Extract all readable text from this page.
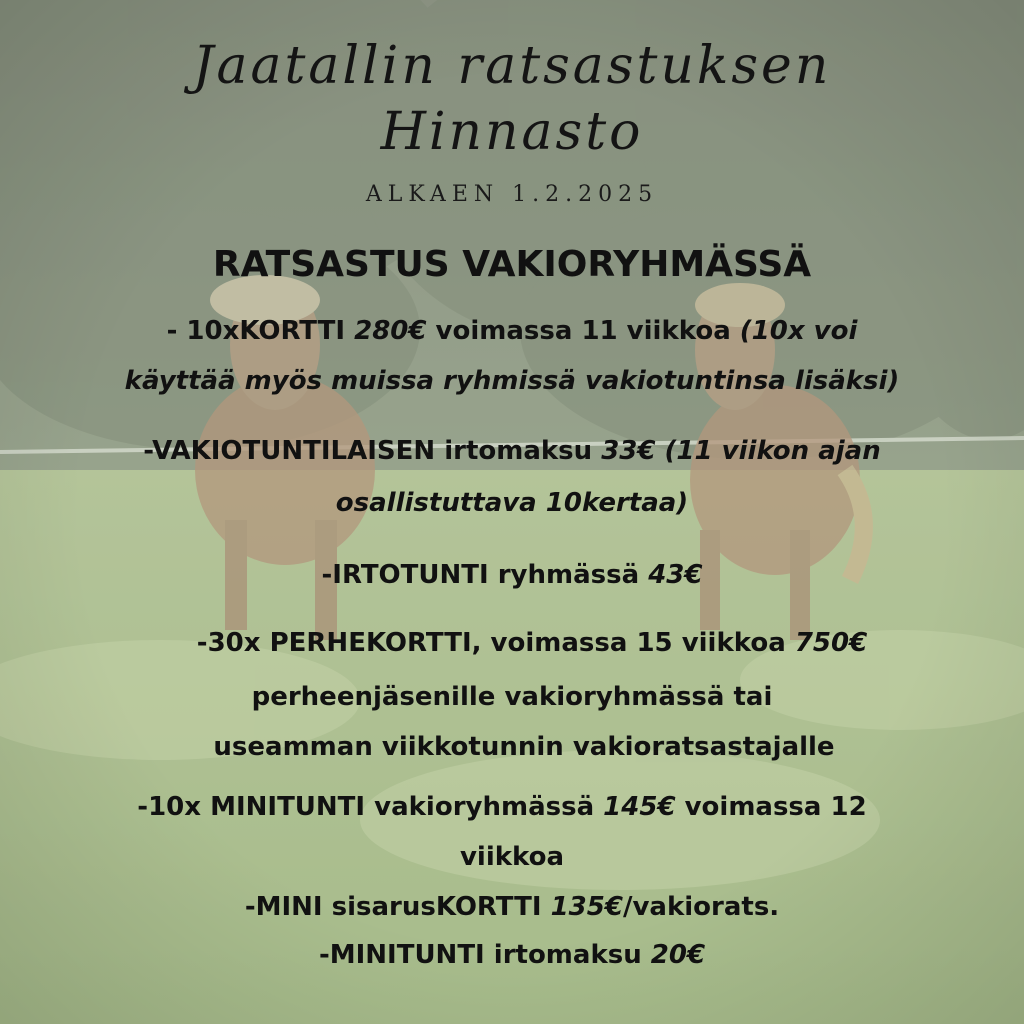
Jaatallin ratsastuksen
Hinnasto
ALKAEN 1.2.2025
RATSASTUS VAKIORYHMÄSSÄ
- 10xKORTTI 280€ voimassa 11 viikkoa (10x voi
käyttää myös muissa ryhmissä vakiotuntinsa lisäksi)
-VAKIOTUNTILAISEN irtomaksu 33€ (11 viikon ajan
osallistuttava 10kertaa)
-IRTOTUNTI ryhmässä 43€
-30x PERHEKORTTI, voimassa 15 viikkoa 750€
perheenjäsenille vakioryhmässä tai
useamman viikkotunnin vakioratsastajalle
-10x MINITUNTI vakioryhmässä 145€ voimassa 12
viikkoa
-MINI sisarusKORTTI 135€/vakiorats.
-MINITUNTI irtomaksu 20€
